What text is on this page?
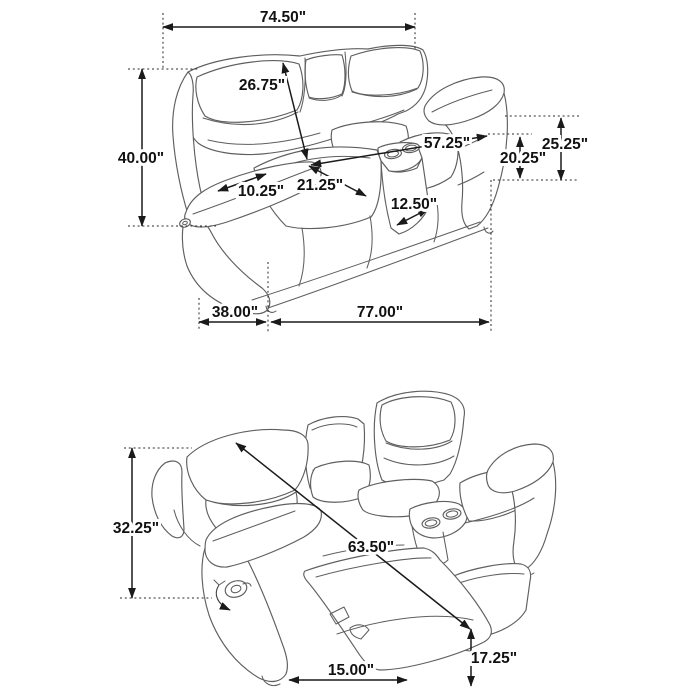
74.50"
26.75"
40.00"
57.25"
20.25"
25.25"
10.25" 21.25"
12.50"
38.00"	77.00"
32.25"
63.50"
15.00"
17.25"
